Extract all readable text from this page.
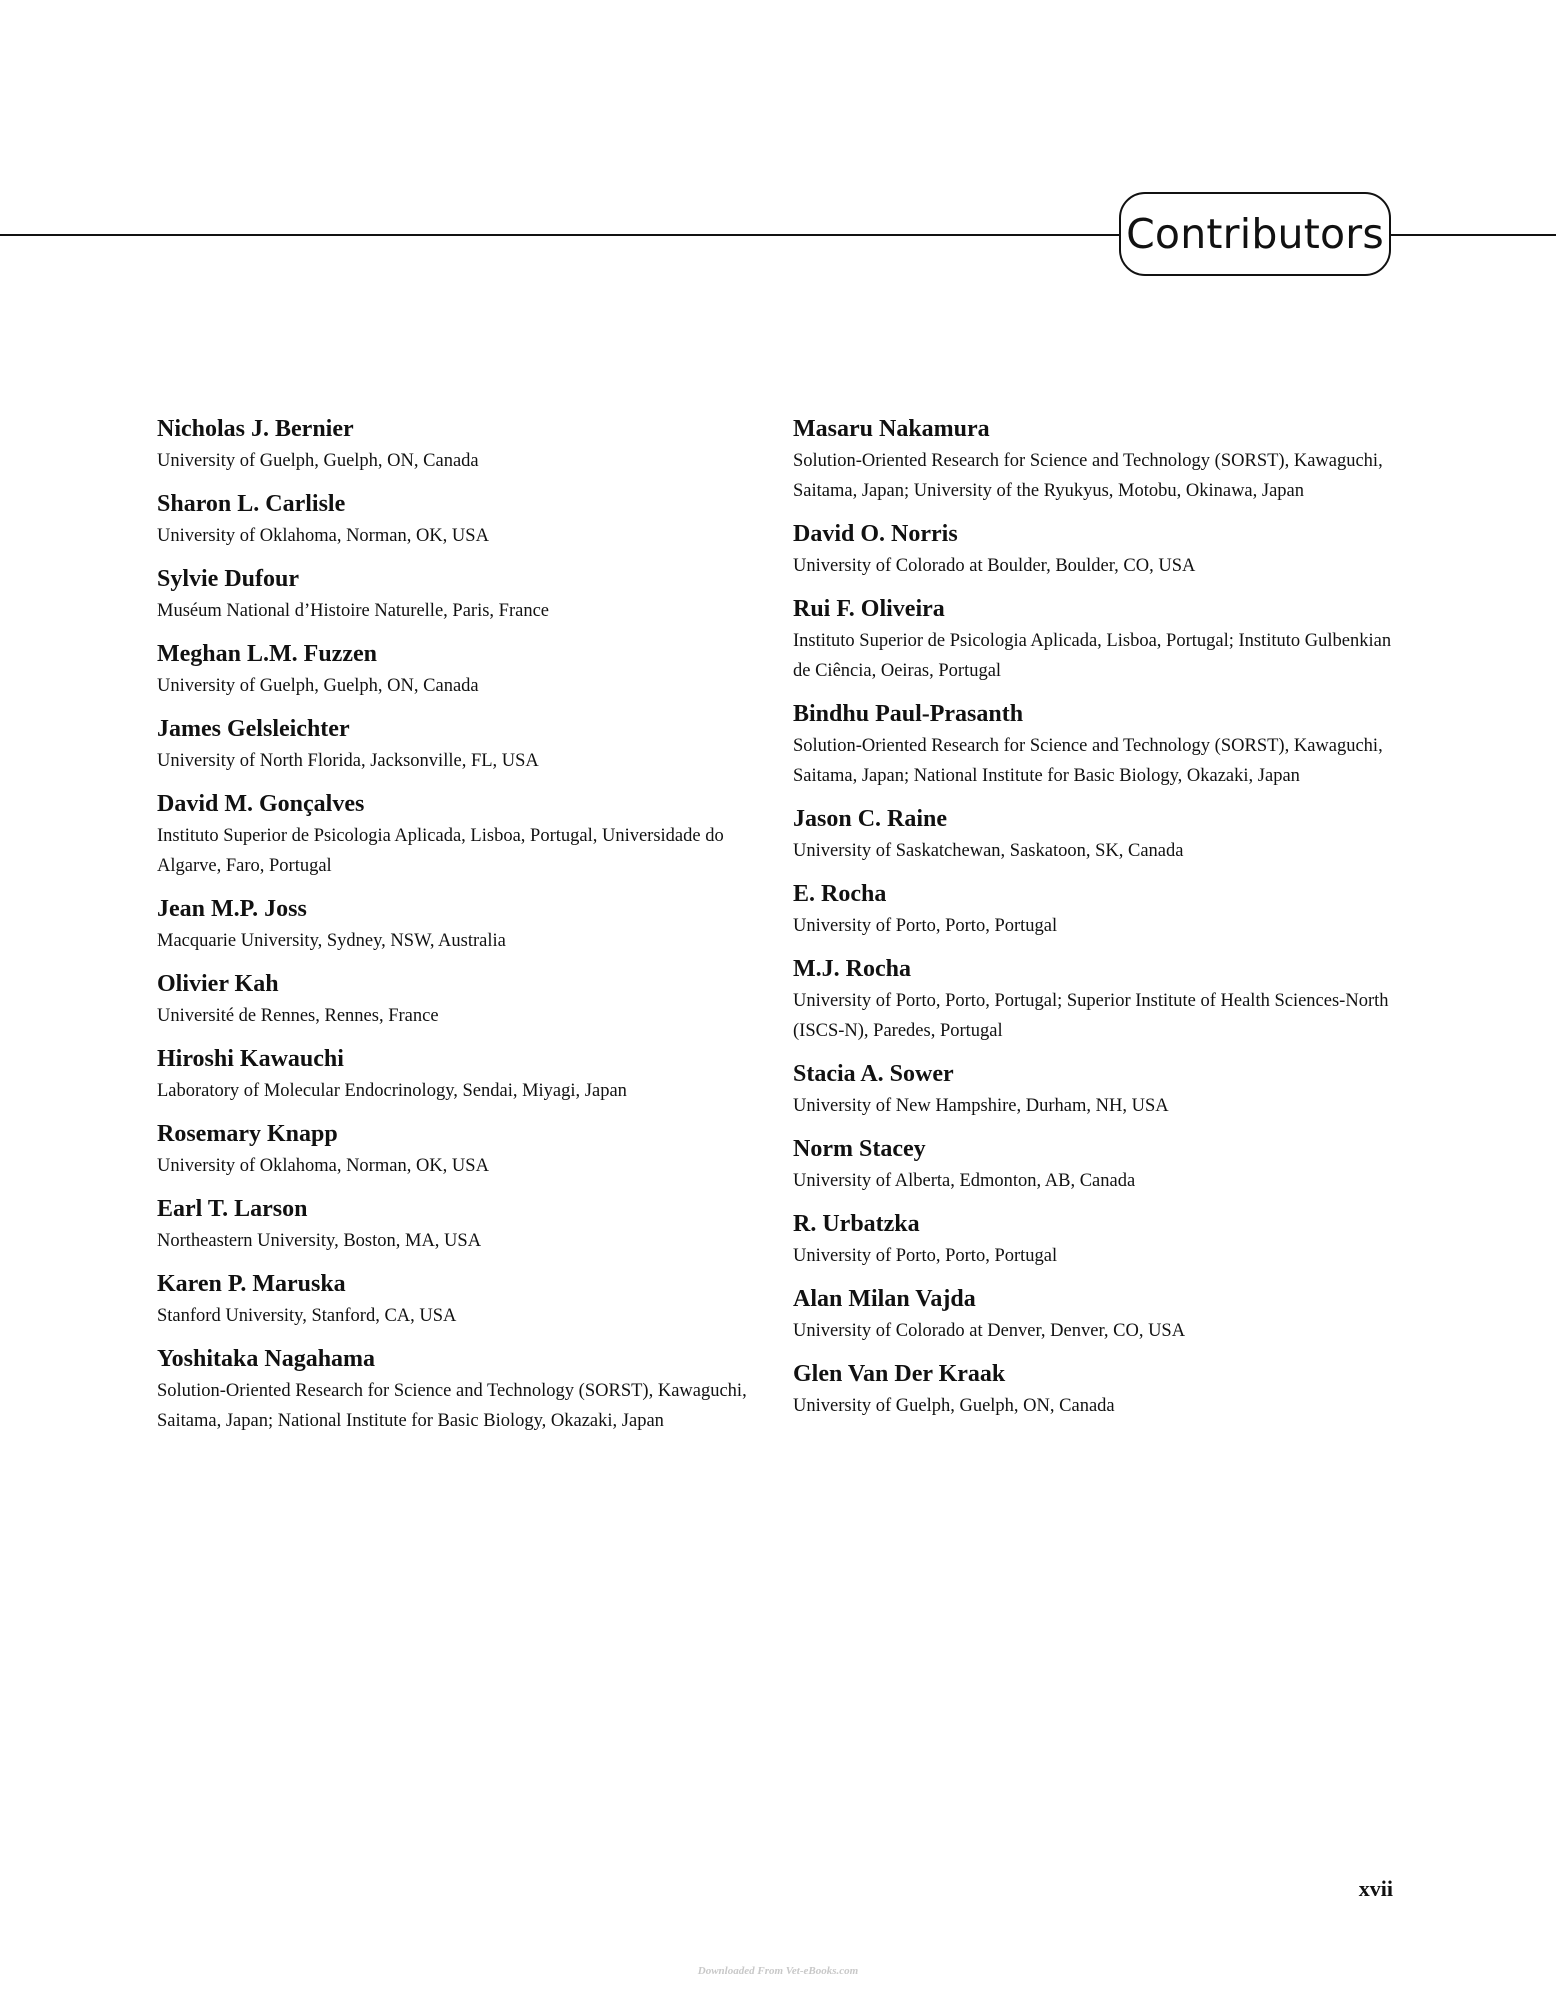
Contributors
Nicholas J. Bernier
University of Guelph, Guelph, ON, Canada
Sharon L. Carlisle
University of Oklahoma, Norman, OK, USA
Sylvie Dufour
Muséum National d’Histoire Naturelle, Paris, France
Meghan L.M. Fuzzen
University of Guelph, Guelph, ON, Canada
James Gelsleichter
University of North Florida, Jacksonville, FL, USA
David M. Gonçalves
Instituto Superior de Psicologia Aplicada, Lisboa, Portugal, Universidade do Algarve, Faro, Portugal
Jean M.P. Joss
Macquarie University, Sydney, NSW, Australia
Olivier Kah
Université de Rennes, Rennes, France
Hiroshi Kawauchi
Laboratory of Molecular Endocrinology, Sendai, Miyagi, Japan
Rosemary Knapp
University of Oklahoma, Norman, OK, USA
Earl T. Larson
Northeastern University, Boston, MA, USA
Karen P. Maruska
Stanford University, Stanford, CA, USA
Yoshitaka Nagahama
Solution-Oriented Research for Science and Technology (SORST), Kawaguchi, Saitama, Japan; National Institute for Basic Biology, Okazaki, Japan
Masaru Nakamura
Solution-Oriented Research for Science and Technology (SORST), Kawaguchi, Saitama, Japan; University of the Ryukyus, Motobu, Okinawa, Japan
David O. Norris
University of Colorado at Boulder, Boulder, CO, USA
Rui F. Oliveira
Instituto Superior de Psicologia Aplicada, Lisboa, Portugal; Instituto Gulbenkian de Ciência, Oeiras, Portugal
Bindhu Paul-Prasanth
Solution-Oriented Research for Science and Technology (SORST), Kawaguchi, Saitama, Japan; National Institute for Basic Biology, Okazaki, Japan
Jason C. Raine
University of Saskatchewan, Saskatoon, SK, Canada
E. Rocha
University of Porto, Porto, Portugal
M.J. Rocha
University of Porto, Porto, Portugal; Superior Institute of Health Sciences-North (ISCS-N), Paredes, Portugal
Stacia A. Sower
University of New Hampshire, Durham, NH, USA
Norm Stacey
University of Alberta, Edmonton, AB, Canada
R. Urbatzka
University of Porto, Porto, Portugal
Alan Milan Vajda
University of Colorado at Denver, Denver, CO, USA
Glen Van Der Kraak
University of Guelph, Guelph, ON, Canada
xvii
Downloaded From Vet-eBooks.com
